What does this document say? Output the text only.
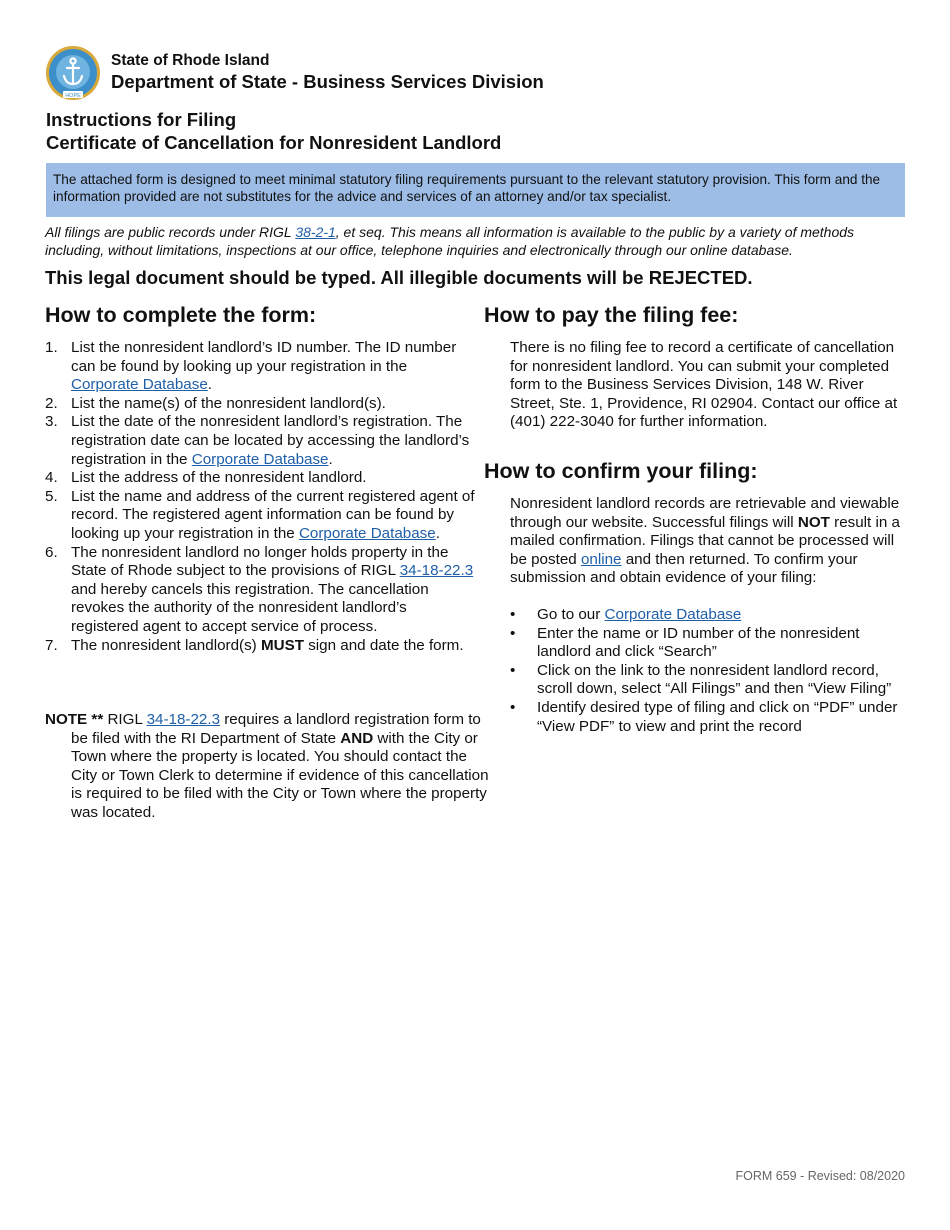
HOPE
State of Rhode Island
Department of State - Business Services Division
Instructions for Filing
Certificate of Cancellation for Nonresident Landlord
The attached form is designed to meet minimal statutory filing requirements pursuant to the relevant statutory provision. This form and the information provided are not substitutes for the advice and services of an attorney and/or tax specialist.
All filings are public records under RIGL 38-2-1, et seq. This means all information is available to the public by a variety of methods including, without limitations, inspections at our office, telephone inquiries and electronically through our online database.
This legal document should be typed. All illegible documents will be REJECTED.
How to complete the form:
1. List the nonresident landlord’s ID number. The ID number can be found by looking up your registration in the Corporate Database.
2. List the name(s) of the nonresident landlord(s).
3. List the date of the nonresident landlord’s registration. The registration date can be located by accessing the landlord’s registration in the Corporate Database.
4. List the address of the nonresident landlord.
5. List the name and address of the current registered agent of record. The registered agent information can be found by looking up your registration in the Corporate Database.
6. The nonresident landlord no longer holds property in the State of Rhode subject to the provisions of RIGL 34-18-22.3 and hereby cancels this registration. The cancellation revokes the authority of the nonresident landlord’s registered agent to accept service of process.
7. The nonresident landlord(s) MUST sign and date the form.
NOTE ** RIGL 34-18-22.3 requires a landlord registration form to be filed with the RI Department of State AND with the City or Town where the property is located. You should contact the City or Town Clerk to determine if evidence of this cancellation is required to be filed with the City or Town where the property was located.
How to pay the filing fee:
There is no filing fee to record a certificate of cancellation for nonresident landlord. You can submit your completed form to the Business Services Division, 148 W. River Street, Ste. 1, Providence, RI 02904. Contact our office at (401) 222-3040 for further information.
How to confirm your filing:
Nonresident landlord records are retrievable and viewable through our website. Successful filings will NOT result in a mailed confirmation. Filings that cannot be processed will be posted online and then returned. To confirm your submission and obtain evidence of your filing:
• Go to our Corporate Database
• Enter the name or ID number of the nonresident landlord and click “Search”
• Click on the link to the nonresident landlord record, scroll down, select “All Filings” and then “View Filing”
• Identify desired type of filing and click on “PDF” under “View PDF” to view and print the record
FORM 659 - Revised: 08/2020
